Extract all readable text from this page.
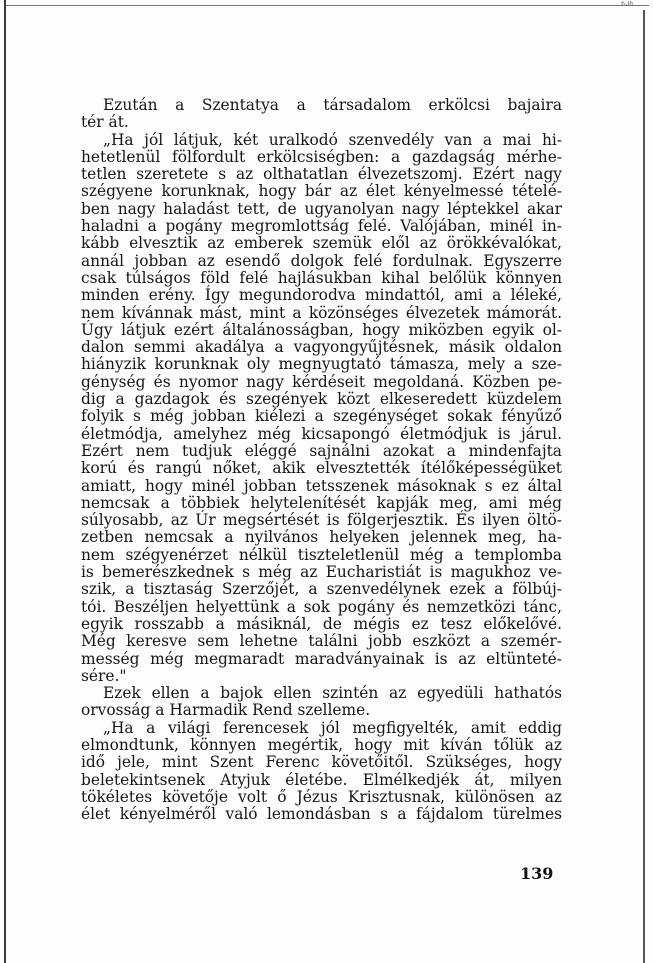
ʰ·ⁱʰ
Ezután a Szentatya a társadalom erkölcsi bajaira
tér át.
„Ha jól látjuk, két uralkodó szenvedély van a mai hi-
hetetlenül fölfordult erkölcsiségben: a gazdagság mérhe-
tetlen szeretete s az olthatatlan élvezetszomj. Ezért nagy
szégyene korunknak, hogy bár az élet kényelmessé tételé-
ben nagy haladást tett, de ugyanolyan nagy léptekkel akar
haladni a pogány megromlottság felé. Valójában, minél in-
kább elvesztik az emberek szemük elől az örökkévalókat,
annál jobban az esendő dolgok felé fordulnak. Egyszerre
csak túlságos föld felé hajlásukban kihal belőlük könnyen
minden erény. Így megundorodva mindattól, ami a léleké,
nem kívánnak mást, mint a közönséges élvezetek mámorát.
Úgy látjuk ezért általánosságban, hogy miközben egyik ol-
dalon semmi akadálya a vagyongyűjtésnek, másik oldalon
hiányzik korunknak oly megnyugtató támasza, mely a sze-
génység és nyomor nagy kérdéseit megoldaná. Közben pe-
dig a gazdagok és szegények közt elkeseredett küzdelem
folyik s még jobban kiélezi a szegénységet sokak fényűző
életmódja, amelyhez még kicsapongó életmódjuk is járul.
Ezért nem tudjuk eléggé sajnálni azokat a mindenfajta
korú és rangú nőket, akik elvesztették ítélőképességüket
amiatt, hogy minél jobban tetsszenek másoknak s ez által
nemcsak a többiek helytelenítését kapják meg, ami még
súlyosabb, az Úr megsértését is fölgerjesztik. És ilyen öltö-
zetben nemcsak a nyilvános helyeken jelennek meg, ha-
nem szégyenérzet nélkül tiszteletlenül még a templomba
is bemerészkednek s még az Eucharistiát is magukhoz ve-
szik, a tisztaság Szerzőjét, a szenvedélynek ezek a fölbúj-
tói. Beszéljen helyettünk a sok pogány és nemzetközi tánc,
egyik rosszabb a másiknál, de mégis ez tesz előkelővé.
Még keresve sem lehetne találni jobb eszközt a szemér-
messég még megmaradt maradványainak is az eltüntеté-
sére."
Ezek ellen a bajok ellen szintén az egyedüli hathatós
orvosság a Harmadik Rend szelleme.
„Ha a világi ferencesek jól megfigyelték, amit eddig
elmondtunk, könnyen megértik, hogy mit kíván tőlük az
idő jele, mint Szent Ferenc követőitől. Szükséges, hogy
beletekintsenek Atyjuk életébe. Elmélkedjék át, milyen
tökéletes követője volt ő Jézus Krisztusnak, különösen az
élet kényelméről való lemondásban s a fájdalom türelmes
139
